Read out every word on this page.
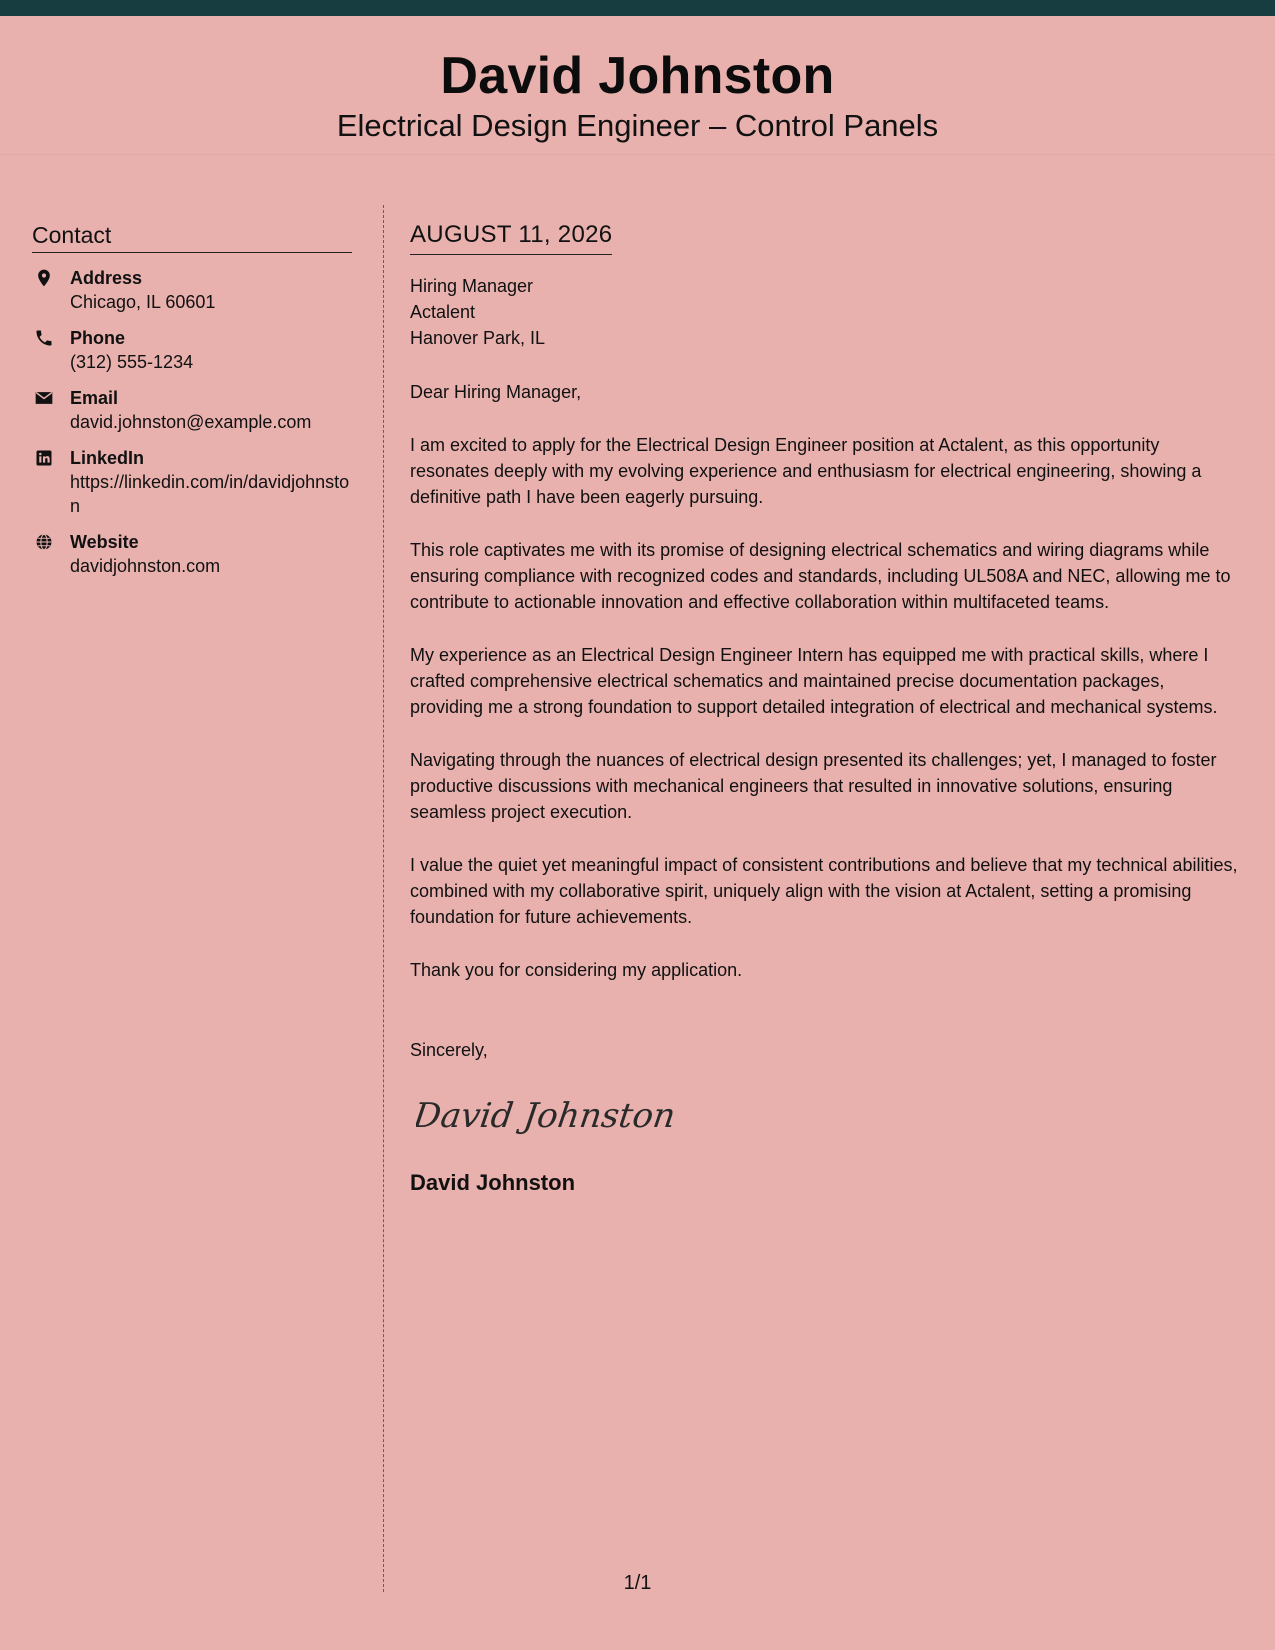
David Johnston

Electrical Design Engineer – Control Panels

Contact
Address
Chicago, IL 60601
Phone
(312) 555-1234
Email
david.johnston@example.com
LinkedIn
https://linkedin.com/in/davidjohnston
Website
davidjohnston.com
AUGUST 11, 2026
Hiring Manager
Actalent
Hanover Park, IL
Dear Hiring Manager,

I am excited to apply for the Electrical Design Engineer position at Actalent, as this opportunity resonates deeply with my evolving experience and enthusiasm for electrical engineering, showing a definitive path I have been eagerly pursuing.

This role captivates me with its promise of designing electrical schematics and wiring diagrams while ensuring compliance with recognized codes and standards, including UL508A and NEC, allowing me to contribute to actionable innovation and effective collaboration within multifaceted teams.

My experience as an Electrical Design Engineer Intern has equipped me with practical skills, where I crafted comprehensive electrical schematics and maintained precise documentation packages, providing me a strong foundation to support detailed integration of electrical and mechanical systems.

Navigating through the nuances of electrical design presented its challenges; yet, I managed to foster productive discussions with mechanical engineers that resulted in innovative solutions, ensuring seamless project execution.

I value the quiet yet meaningful impact of consistent contributions and believe that my technical abilities, combined with my collaborative spirit, uniquely align with the vision at Actalent, setting a promising foundation for future achievements.

Thank you for considering my application.
Sincerely,
David Johnston
David Johnston
1/1
